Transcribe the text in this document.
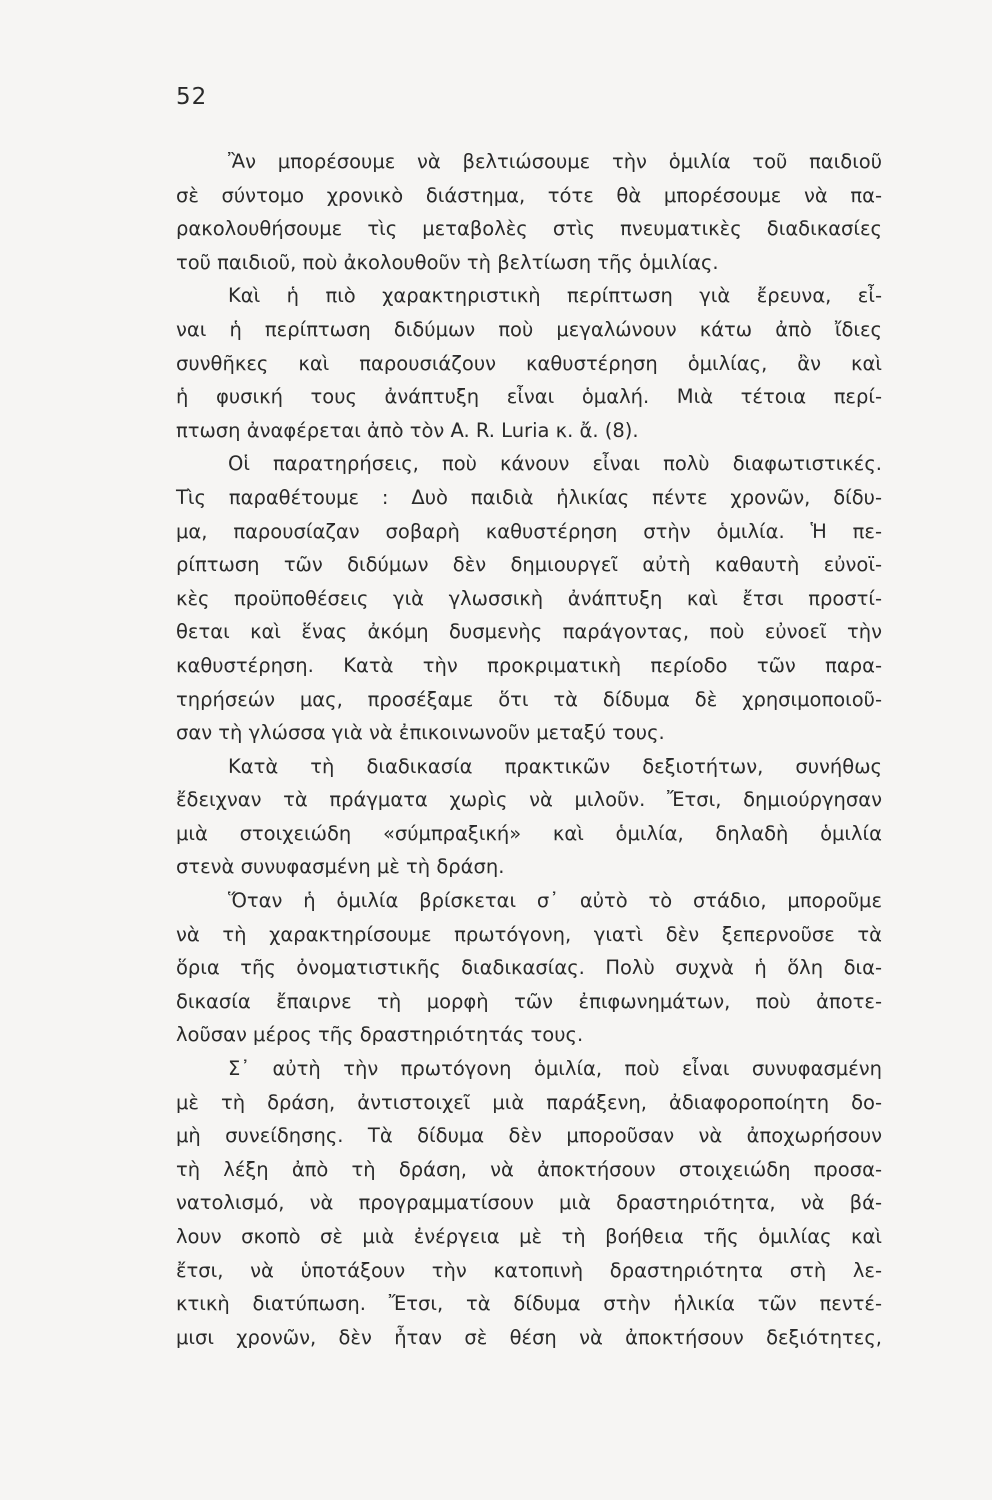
52
Ἂν μπορέσουμε νὰ βελτιώσουμε τὴν ὁμιλία τοῦ παιδιοῦ
σὲ σύντομο χρονικὸ διάστημα, τότε θὰ μπορέσουμε νὰ πα-
ρακολουθήσουμε τὶς μεταβολὲς στὶς πνευματικὲς διαδικασίες
τοῦ παιδιοῦ, ποὺ ἀκολουθοῦν τὴ βελτίωση τῆς ὁμιλίας.
Καὶ ἡ πιὸ χαρακτηριστικὴ περίπτωση γιὰ ἔρευνα, εἶ-
ναι ἡ περίπτωση διδύμων ποὺ μεγαλώνουν κάτω ἀπὸ ἴδιες
συνθῆκες καὶ παρουσιάζουν καθυστέρηση ὁμιλίας, ἂν καὶ
ἡ φυσική τους ἀνάπτυξη εἶναι ὁμαλή. Μιὰ τέτοια περί-
πτωση ἀναφέρεται ἀπὸ τὸν A. R. Luria κ. ἄ. (8).
Οἱ παρατηρήσεις, ποὺ κάνουν εἶναι πολὺ διαφωτιστικές.
Τὶς παραθέτουμε : Δυὸ παιδιὰ ἡλικίας πέντε χρονῶν, δίδυ-
μα, παρουσίαζαν σοβαρὴ καθυστέρηση στὴν ὁμιλία. Ἡ πε-
ρίπτωση τῶν διδύμων δὲν δημιουργεῖ αὐτὴ καθαυτὴ εὐνοϊ-
κὲς προϋποθέσεις γιὰ γλωσσικὴ ἀνάπτυξη καὶ ἔτσι προστί-
θεται καὶ ἕνας ἀκόμη δυσμενὴς παράγοντας, ποὺ εὐνοεῖ τὴν
καθυστέρηση. Κατὰ τὴν προκριματικὴ περίοδο τῶν παρα-
τηρήσεών μας, προσέξαμε ὅτι τὰ δίδυμα δὲ χρησιμοποιοῦ-
σαν τὴ γλώσσα γιὰ νὰ ἐπικοινωνοῦν μεταξύ τους.
Κατὰ τὴ διαδικασία πρακτικῶν δεξιοτήτων, συνήθως
ἔδειχναν τὰ πράγματα χωρὶς νὰ μιλοῦν. Ἔτσι, δημιούργησαν
μιὰ στοιχειώδη «σύμπραξική» καὶ ὁμιλία, δηλαδὴ ὁμιλία
στενὰ συνυφασμένη μὲ τὴ δράση.
Ὅταν ἡ ὁμιλία βρίσκεται σ᾽ αὐτὸ τὸ στάδιο, μποροῦμε
νὰ τὴ χαρακτηρίσουμε πρωτόγονη, γιατὶ δὲν ξεπερνοῦσε τὰ
ὅρια τῆς ὀνοματιστικῆς διαδικασίας. Πολὺ συχνὰ ἡ ὅλη δια-
δικασία ἔπαιρνε τὴ μορφὴ τῶν ἐπιφωνημάτων, ποὺ ἀποτε-
λοῦσαν μέρος τῆς δραστηριότητάς τους.
Σ᾽ αὐτὴ τὴν πρωτόγονη ὁμιλία, ποὺ εἶναι συνυφασμένη
μὲ τὴ δράση, ἀντιστοιχεῖ μιὰ παράξενη, ἀδιαφοροποίητη δο-
μὴ συνείδησης. Τὰ δίδυμα δὲν μποροῦσαν νὰ ἀποχωρήσουν
τὴ λέξη ἀπὸ τὴ δράση, νὰ ἀποκτήσουν στοιχειώδη προσα-
νατολισμό, νὰ προγραμματίσουν μιὰ δραστηριότητα, νὰ βά-
λουν σκοπὸ σὲ μιὰ ἐνέργεια μὲ τὴ βοήθεια τῆς ὁμιλίας καὶ
ἔτσι, νὰ ὑποτάξουν τὴν κατοπινὴ δραστηριότητα στὴ λε-
κτικὴ διατύπωση. Ἔτσι, τὰ δίδυμα στὴν ἡλικία τῶν πεντέ-
μισι χρονῶν, δὲν ἦταν σὲ θέση νὰ ἀποκτήσουν δεξιότητες,
